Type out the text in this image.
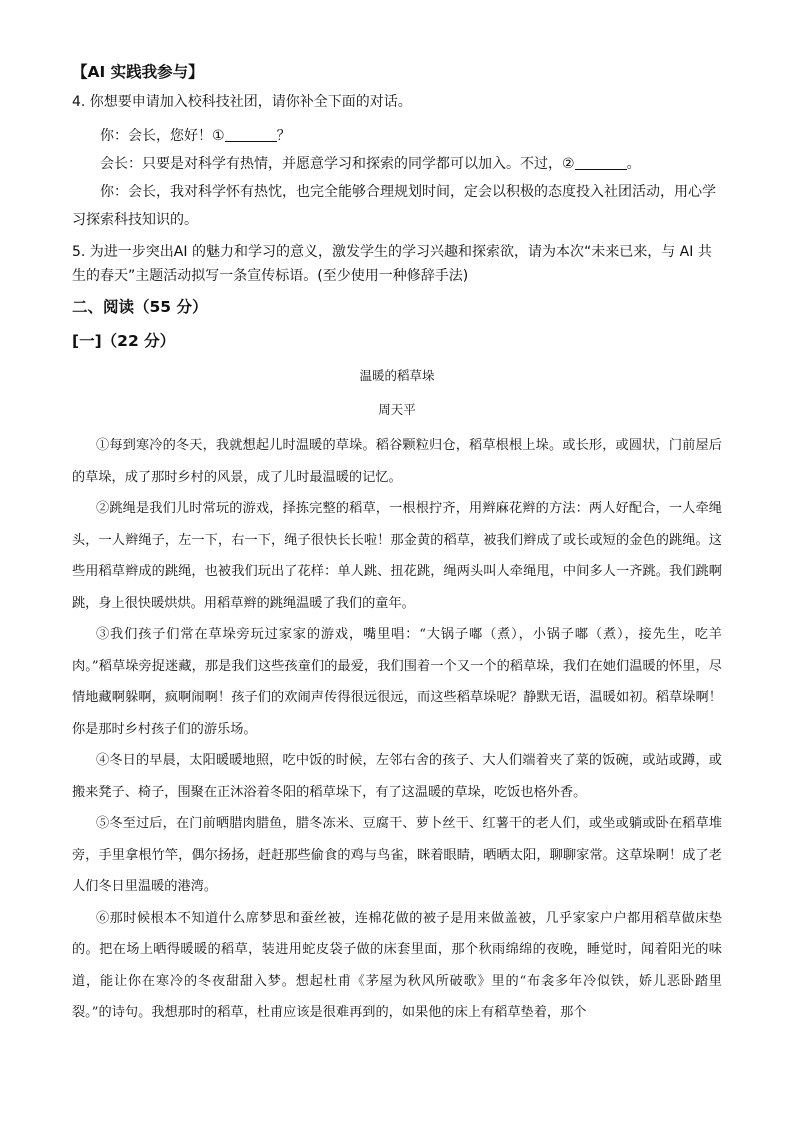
【AI 实践我参与】
4. 你想要申请加入校科技社团，请你补全下面的对话。

你：会长，您好！①	？

会长：只要是对科学有热情，并愿意学习和探索的同学都可以加入。不过，②	。

你：会长，我对科学怀有热忱，也完全能够合理规划时间，定会以积极的态度投入社团活动，用心学习探索科技知识的。

5. 为进一步突出AI 的魅力和学习的意义，激发学生的学习兴趣和探索欲，请为本次“未来已来，与 AI 共生的春天”主题活动拟写一条宣传标语。(至少使用一种修辞手法)
二、阅读（55 分）
[一]（22 分）
温暖的稻草垛
周天平

①每到寒冷的冬天，我就想起儿时温暖的草垛。稻谷颗粒归仓，稻草根根上垛。或长形，或圆状，门前屋后的草垛，成了那时乡村的风景，成了儿时最温暖的记忆。

②跳绳是我们儿时常玩的游戏，择拣完整的稻草，一根根拧齐，用辫麻花辫的方法：两人好配合，一人牵绳头，一人辫绳子，左一下，右一下，绳子很快长长啦！那金黄的稻草，被我们辫成了或长或短的金色的跳绳。这些用稻草辫成的跳绳，也被我们玩出了花样：单人跳、扭花跳，绳两头叫人牵绳甩，中间多人一齐跳。我们跳啊跳，身上很快暖烘烘。用稻草辫的跳绳温暖了我们的童年。

③我们孩子们常在草垛旁玩过家家的游戏，嘴里唱：“大锅子嘟（煮），小锅子嘟（煮），接先生，吃羊肉。”稻草垛旁捉迷藏，那是我们这些孩童们的最爱，我们围着一个又一个的稻草垛，我们在她们温暖的怀里，尽情地藏啊躲啊，疯啊闹啊！孩子们的欢闹声传得很远很远，而这些稻草垛呢？静默无语，温暖如初。稻草垛啊！你是那时乡村孩子们的游乐场。

④冬日的早晨，太阳暖暖地照，吃中饭的时候，左邻右舍的孩子、大人们端着夹了菜的饭碗，或站或蹲，或搬来凳子、椅子，围聚在正沐浴着冬阳的稻草垛下，有了这温暖的草垛，吃饭也格外香。

⑤冬至过后，在门前晒腊肉腊鱼，腊冬冻米、豆腐干、萝卜丝干、红薯干的老人们，或坐或躺或卧在稻草堆旁，手里拿根竹竿，偶尔扬扬，赶赶那些偷食的鸡与鸟雀，眯着眼睛，晒晒太阳，聊聊家常。这草垛啊！成了老人们冬日里温暖的港湾。

⑥那时候根本不知道什么席梦思和蚕丝被，连棉花做的被子是用来做盖被，几乎家家户户都用稻草做床垫的。把在场上晒得暖暖的稻草，装进用蛇皮袋子做的床套里面，那个秋雨绵绵的夜晚，睡觉时，闻着阳光的味道，能让你在寒冷的冬夜甜甜入梦。想起杜甫《茅屋为秋风所破歌》里的“布衾多年冷似铁，娇儿恶卧踏里裂。”的诗句。我想那时的稻草，杜甫应该是很难再到的，如果他的床上有稻草垫着，那个
